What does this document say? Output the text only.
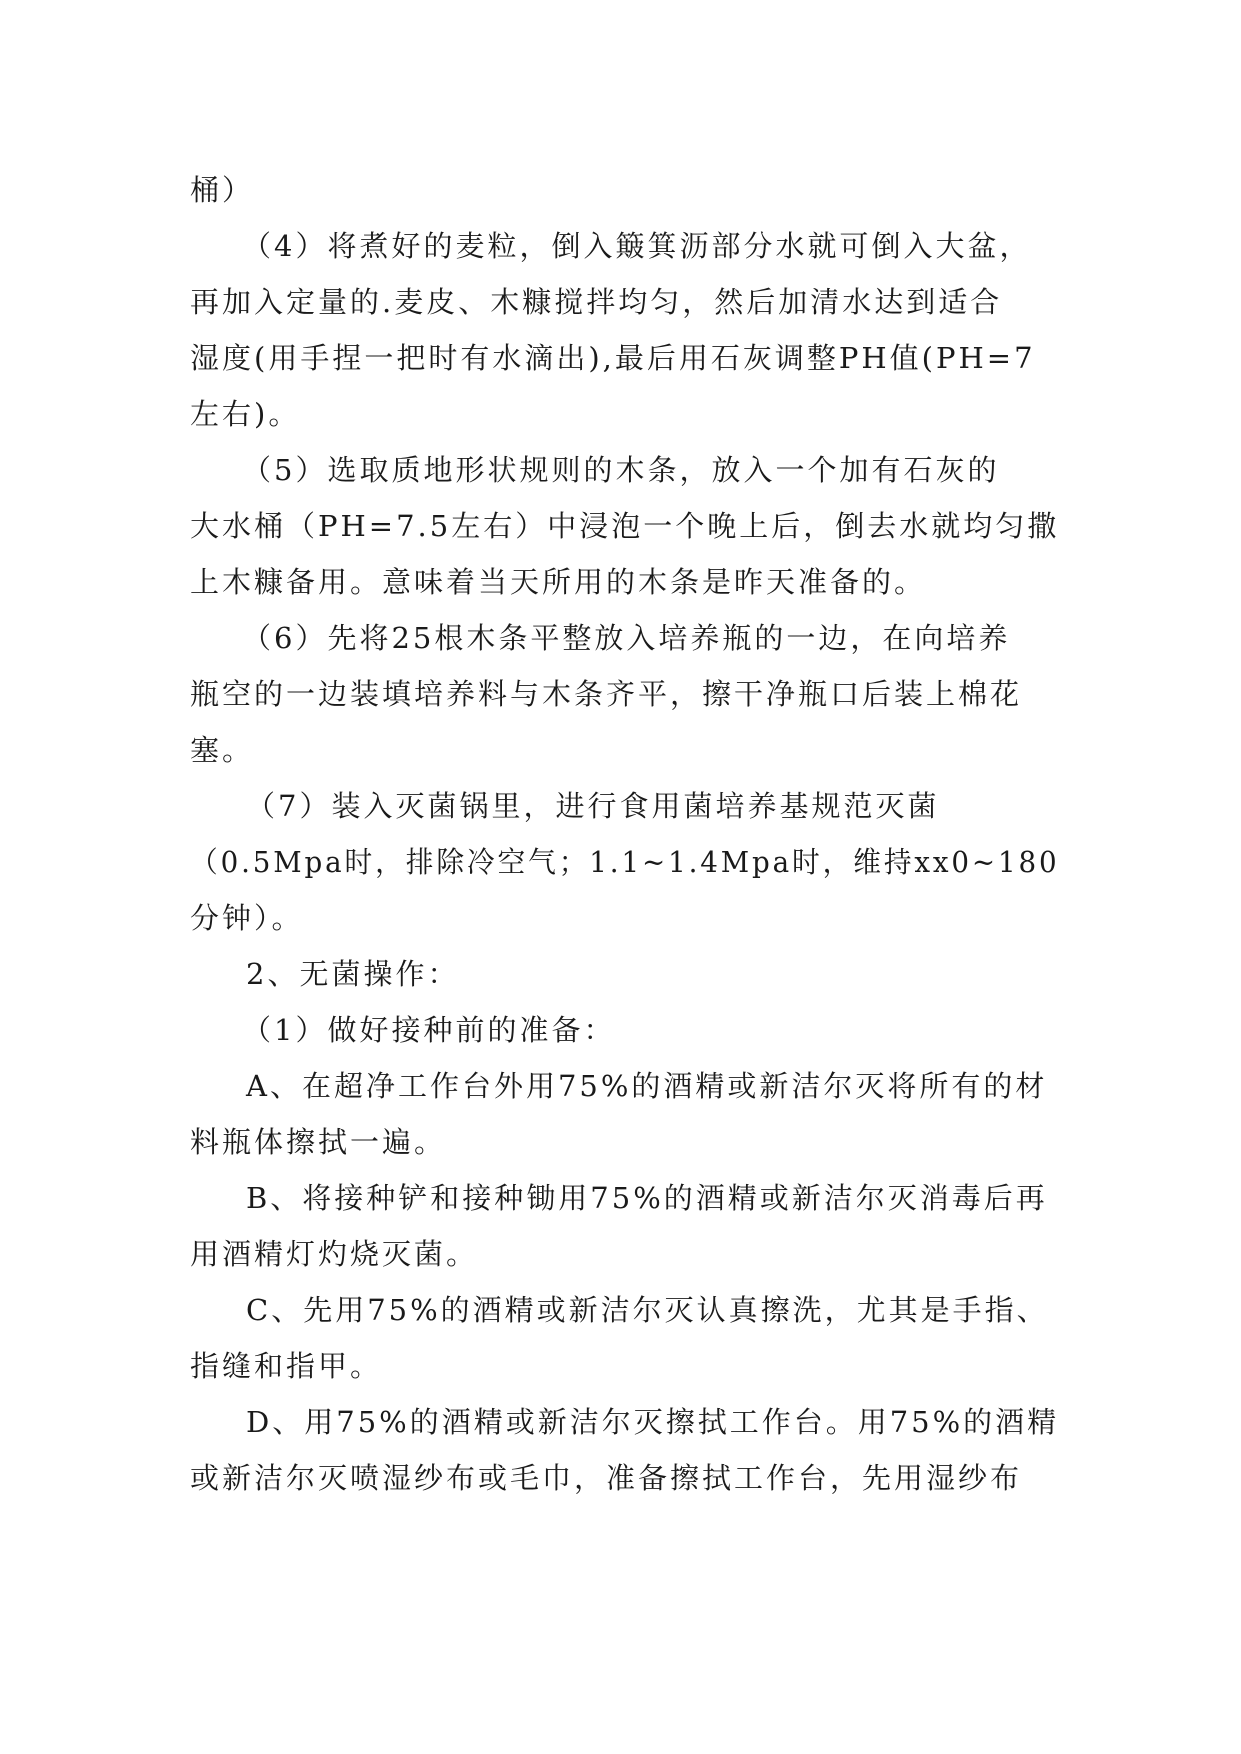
桶）
（4）将煮好的麦粒，倒入簸箕沥部分水就可倒入大盆，
再加入定量的.麦皮、木糠搅拌均匀，然后加清水达到适合
湿度(用手捏一把时有水滴出),最后用石灰调整PH值(PH=7
左右)。
（5）选取质地形状规则的木条，放入一个加有石灰的
大水桶（PH=7.5左右）中浸泡一个晚上后，倒去水就均匀撒
上木糠备用。意味着当天所用的木条是昨天准备的。
（6）先将25根木条平整放入培养瓶的一边，在向培养
瓶空的一边装填培养料与木条齐平，擦干净瓶口后装上棉花
塞。
（7）装入灭菌锅里，进行食用菌培养基规范灭菌
（0.5Mpa时，排除冷空气；1.1~1.4Mpa时，维持xx0~180
分钟）。
2、无菌操作：
（1）做好接种前的准备：
A、在超净工作台外用75%的酒精或新洁尔灭将所有的材
料瓶体擦拭一遍。
B、将接种铲和接种锄用75%的酒精或新洁尔灭消毒后再
用酒精灯灼烧灭菌。
C、先用75%的酒精或新洁尔灭认真擦洗，尤其是手指、
指缝和指甲。
D、用75%的酒精或新洁尔灭擦拭工作台。用75%的酒精
或新洁尔灭喷湿纱布或毛巾，准备擦拭工作台，先用湿纱布
